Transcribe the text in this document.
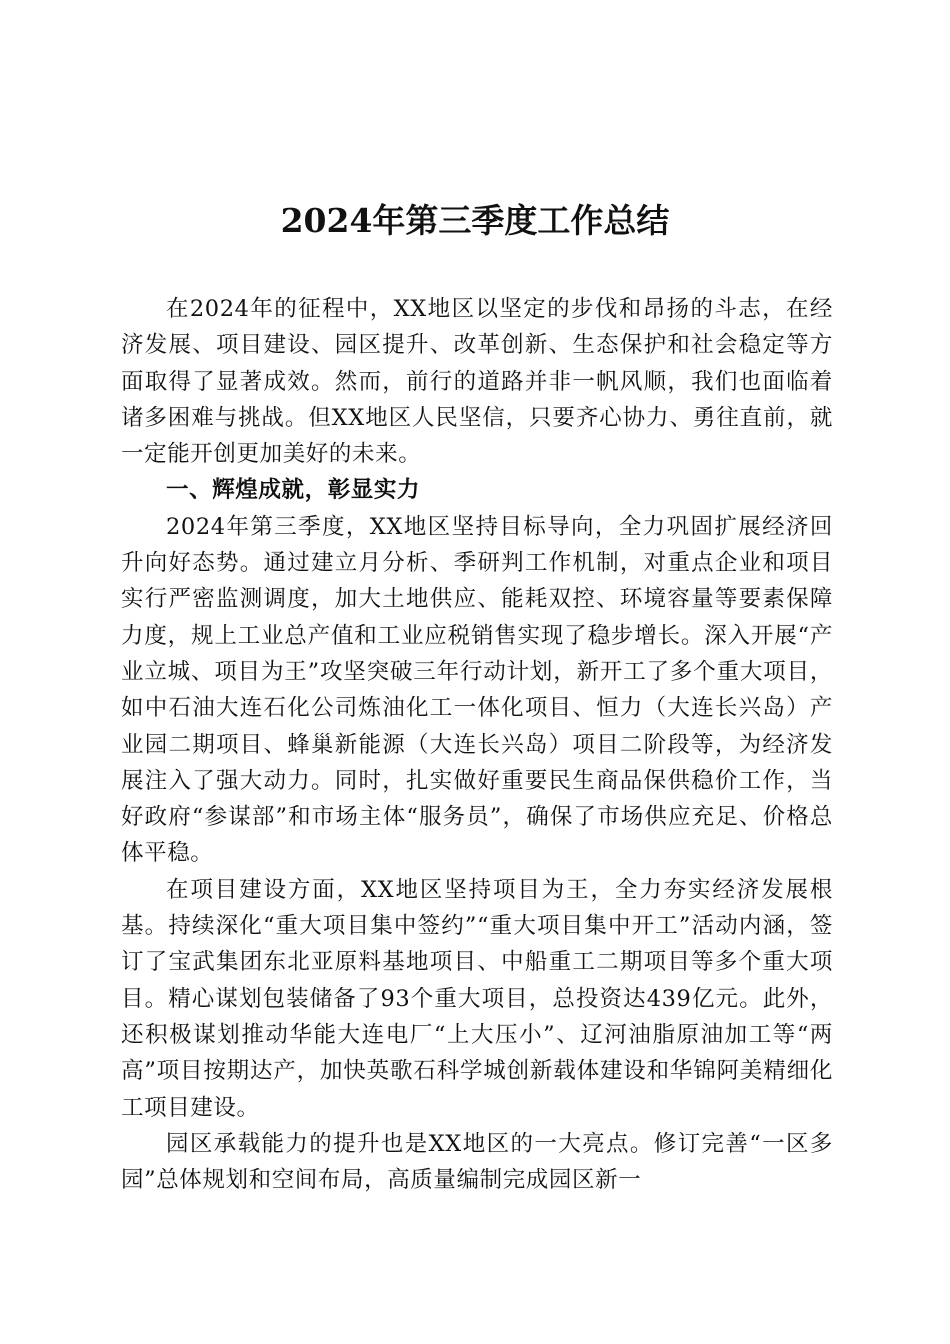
2024年第三季度工作总结

在2024年的征程中，XX地区以坚定的步伐和昂扬的斗志，在经济发展、项目建设、园区提升、改革创新、生态保护和社会稳定等方面取得了显著成效。然而，前行的道路并非一帆风顺，我们也面临着诸多困难与挑战。但XX地区人民坚信，只要齐心协力、勇往直前，就一定能开创更加美好的未来。

一、辉煌成就，彰显实力

2024年第三季度，XX地区坚持目标导向，全力巩固扩展经济回升向好态势。通过建立月分析、季研判工作机制，对重点企业和项目实行严密监测调度，加大土地供应、能耗双控、环境容量等要素保障力度，规上工业总产值和工业应税销售实现了稳步增长。深入开展“产业立城、项目为王”攻坚突破三年行动计划，新开工了多个重大项目，如中石油大连石化公司炼油化工一体化项目、恒力（大连长兴岛）产业园二期项目、蜂巢新能源（大连长兴岛）项目二阶段等，为经济发展注入了强大动力。同时，扎实做好重要民生商品保供稳价工作，当好政府“参谋部”和市场主体“服务员”，确保了市场供应充足、价格总体平稳。

在项目建设方面，XX地区坚持项目为王，全力夯实经济发展根基。持续深化“重大项目集中签约”“重大项目集中开工”活动内涵，签订了宝武集团东北亚原料基地项目、中船重工二期项目等多个重大项目。精心谋划包装储备了93个重大项目，总投资达439亿元。此外，还积极谋划推动华能大连电厂“上大压小”、辽河油脂原油加工等“两高”项目按期达产，加快英歌石科学城创新载体建设和华锦阿美精细化工项目建设。

园区承载能力的提升也是XX地区的一大亮点。修订完善“一区多园”总体规划和空间布局，高质量编制完成园区新一
